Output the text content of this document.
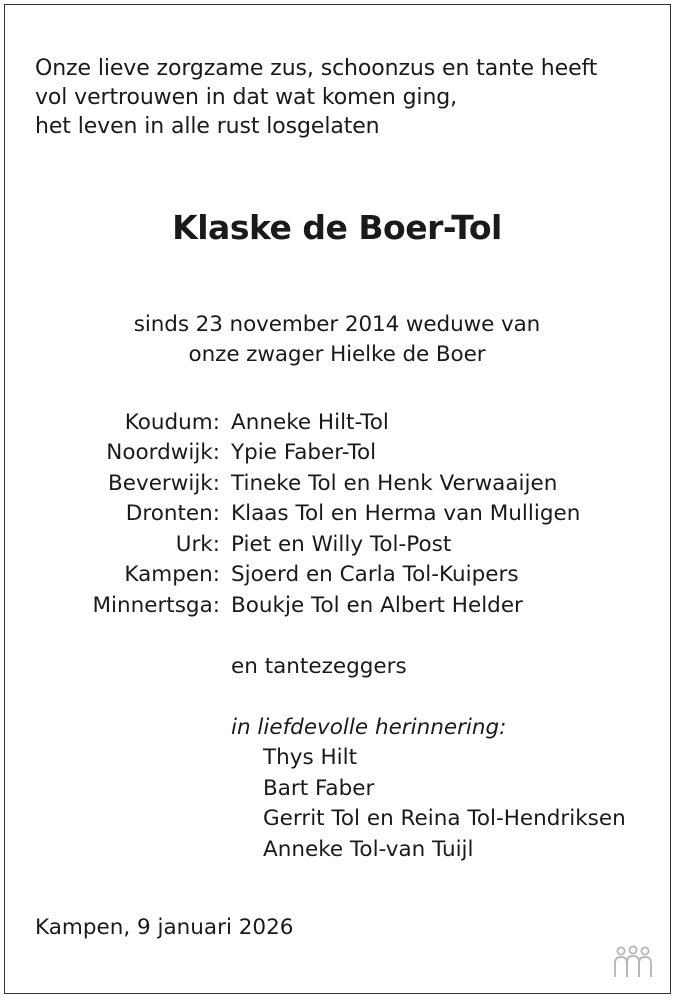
Onze lieve zorgzame zus, schoonzus en tante heeft
vol vertrouwen in dat wat komen ging,
het leven in alle rust losgelaten
Klaske de Boer-Tol
sinds 23 november 2014 weduwe van
onze zwager Hielke de Boer
Koudum: Anneke Hilt-Tol
Noordwijk: Ypie Faber-Tol
Beverwijk: Tineke Tol en Henk Verwaaijen
Dronten: Klaas Tol en Herma van Mulligen
Urk: Piet en Willy Tol-Post
Kampen: Sjoerd en Carla Tol-Kuipers
Minnertsga: Boukje Tol en Albert Helder
en tantezeggers
in liefdevolle herinnering:
Thys Hilt
Bart Faber
Gerrit Tol en Reina Tol-Hendriksen
Anneke Tol-van Tuijl
Kampen, 9 januari 2026
